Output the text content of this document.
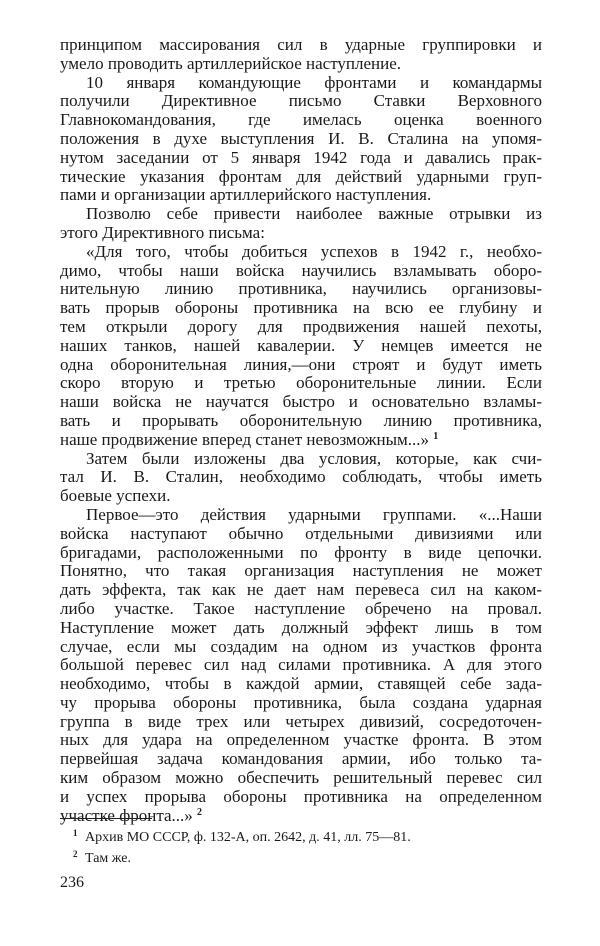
принципом массирования сил в ударные группировки и
умело проводить артиллерийское наступление.
10 января командующие фронтами и командармы
получили Директивное письмо Ставки Верховного
Главнокомандования, где имелась оценка военного
положения в духе выступления И. В. Сталина на упомя-
нутом заседании от 5 января 1942 года и давались прак-
тические указания фронтам для действий ударными груп-
пами и организации артиллерийского наступления.
Позволю себе привести наиболее важные отрывки из
этого Директивного письма:
«Для того, чтобы добиться успехов в 1942 г., необхо-
димо, чтобы наши войска научились взламывать оборо-
нительную линию противника, научились организовы-
вать прорыв обороны противника на всю ее глубину и
тем открыли дорогу для продвижения нашей пехоты,
наших танков, нашей кавалерии. У немцев имеется не
одна оборонительная линия,—они строят и будут иметь
скоро вторую и третью оборонительные линии. Если
наши войска не научатся быстро и основательно взламы-
вать и прорывать оборонительную линию противника,
наше продвижение вперед станет невозможным...» $^1$
Затем были изложены два условия, которые, как счи-
тал И. В. Сталин, необходимо соблюдать, чтобы иметь
боевые успехи.
Первое—это действия ударными группами. «...Наши
войска наступают обычно отдельными дивизиями или
бригадами, расположенными по фронту в виде цепочки.
Понятно, что такая организация наступления не может
дать эффекта, так как не дает нам перевеса сил на каком-
либо участке. Такое наступление обречено на провал.
Наступление может дать должный эффект лишь в том
случае, если мы создадим на одном из участков фронта
большой перевес сил над силами противника. А для этого
необходимо, чтобы в каждой армии, ставящей себе зада-
чу прорыва обороны противника, была создана ударная
группа в виде трех или четырех дивизий, сосредоточен-
ных для удара на определенном участке фронта. В этом
первейшая задача командования армии, ибо только та-
ким образом можно обеспечить решительный перевес сил
и успех прорыва обороны противника на определенном
участке фронта...» $^2$
1 Архив МО СССР, ф. 132-А, оп. 2642, д. 41, лл. 75—81.
2 Там же.
236
